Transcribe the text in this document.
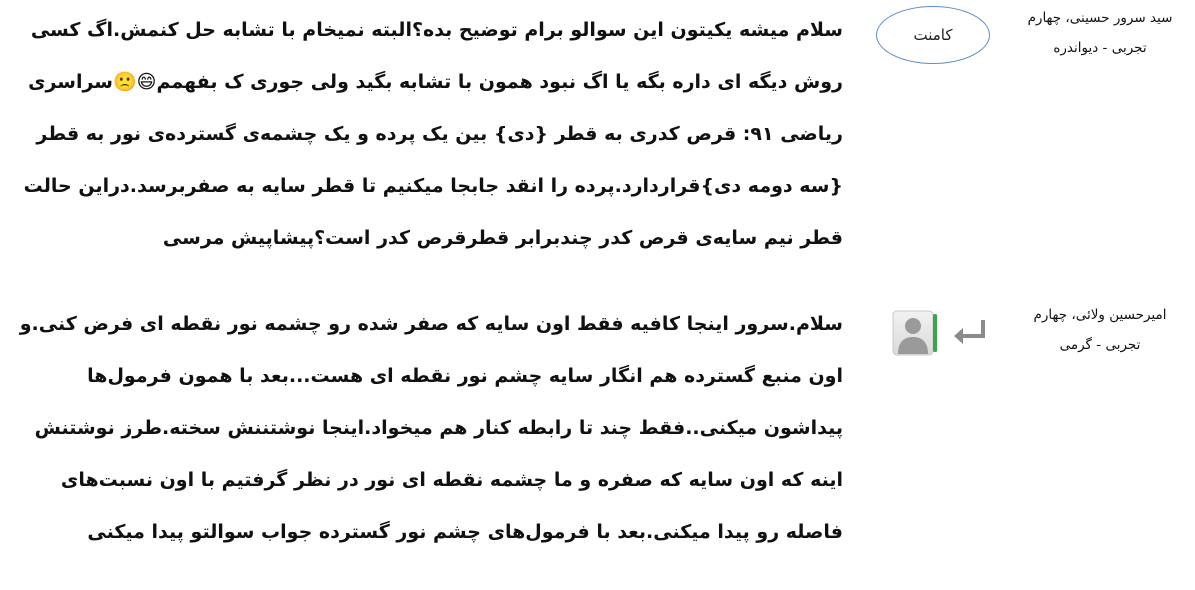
سید سرور حسینی، چهارم
تجربی - دیواندره
کامنت

سلام میشه یکیتون این سوالو برام توضیح بده؟البته نمیخام با تشابه حل کنمش.اگ کسی روش دیگه ای داره بگه یا اگ نبود همون با تشابه بگید ولی جوری ک بفهمم😄🙁سراسری ریاضی ۹۱: قرص کدری به قطر {دی} بین یک پرده و یک چشمه‌ی گسترده‌ی نور به قطر {سه دومه دی}قراردارد.پرده را انقد جابجا میکنیم تا قطر سایه به صفربرسد.دراین حالت قطر نیم سایه‌ی قرص کدر چندبرابر قطرقرص کدر است؟پیشاپیش مرسی

امیرحسین ولائی، چهارم
تجربی - گرمی

سلام.سرور اینجا کافیه فقط اون سایه که صفر شده رو چشمه نور نقطه ای فرض کنی.و اون منبع گسترده هم انگار سایه چشم نور نقطه ای هست...بعد با همون فرمول‌ها پیداشون میکنی..فقط چند تا رابطه کنار هم میخواد.اینجا نوشتننش سخته.طرز نوشتنش اینه که اون سایه که صفره و ما چشمه نقطه ای نور در نظر گرفتیم با اون نسبت‌های فاصله رو پیدا میکنی.بعد با فرمول‌های چشم نور گسترده جواب سوالتو پیدا میکنی
